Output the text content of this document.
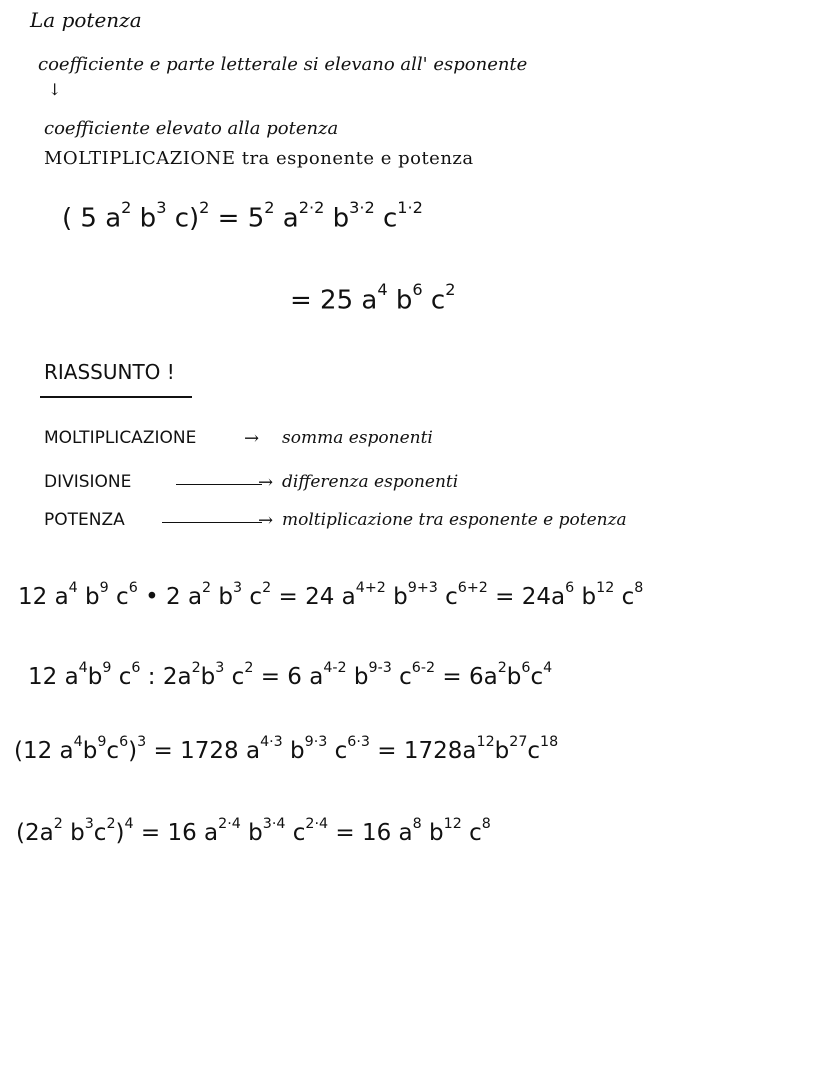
La potenza
coefficiente e parte letterale si elevano all' esponente
↓
coefficiente elevato alla potenza
MOLTIPLICAZIONE tra esponente e potenza
( 5 $a^2$ $b^3$ $c)^2 = 5^2$ $a^{2\cdot 2}$ $b^{3\cdot 2}$ $c^{1\cdot 2}$
= 25 $a^4$ $b^6$ $c^2$
RIASSUNTO !
MOLTIPLICAZIONE	→ somma esponenti
DIVISIONE	→ differenza esponenti
POTENZA	→ moltiplicazione tra esponente e potenza
12 $a^4$ $b^9$ $c^6$ • 2 $a^2$ $b^3$ $c^2 = 24$ $a^{4+2}$ $b^{9+3}$ $c^{6+2} = 24a^6$ $b^{12}$ $c^8$
12 $a^4b^9$ $c^6$ : $2a^2b^3$ $c^2 = 6$ $a^{4-2}$ $b^{9-3}$ $c^{6-2} = 6a^2b^6c^4$
(12 $a^4b^9c^6)^3 = 1728$ $a^{4\cdot 3}$ $b^{9\cdot 3}$ $c^{6\cdot 3} = 1728a^{12}b^{27}c^{18}$
($2a^2$ $b^3c^2)^4 = 16$ $a^{2\cdot 4}$ $b^{3\cdot 4}$ $c^{2\cdot 4} = 16$ $a^8$ $b^{12}$ $c^8$
